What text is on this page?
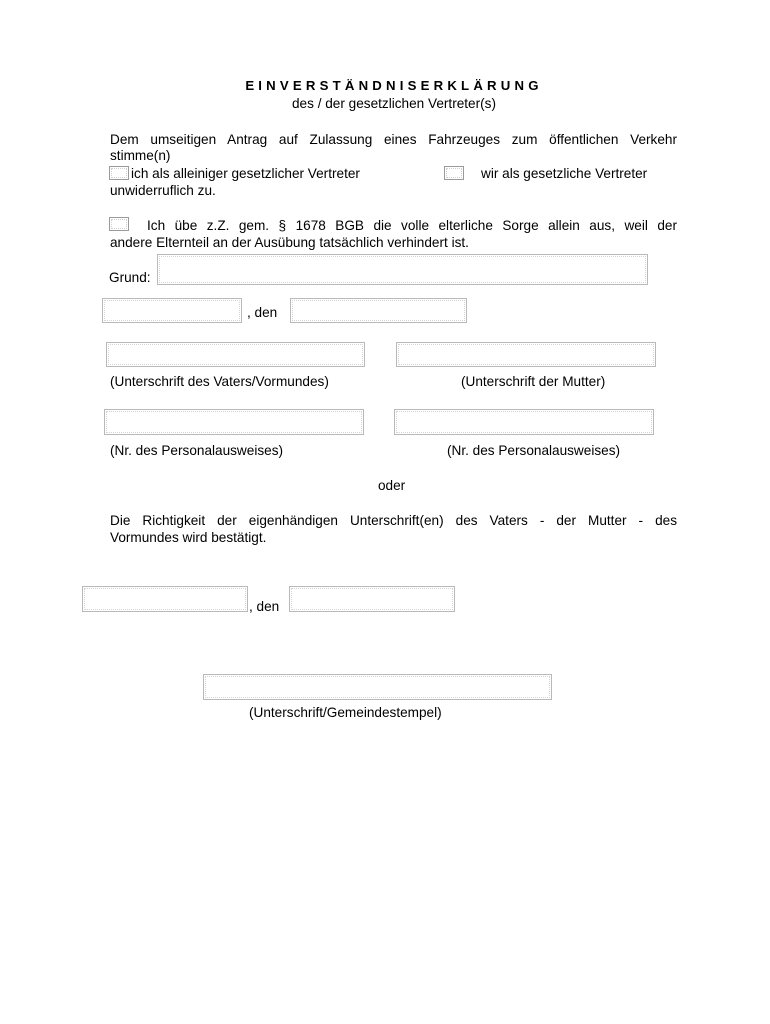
EINVERSTÄNDNISERKLÄRUNG
des / der gesetzlichen Vertreter(s)
Dem umseitigen Antrag auf Zulassung eines Fahrzeuges zum öffentlichen Verkehr
stimme(n)
ich als alleiniger gesetzlicher Vertreter	wir als gesetzliche Vertreter
unwiderruflich zu.
Ich übe z.Z. gem. § 1678 BGB die volle elterliche Sorge allein aus, weil der
andere Elternteil an der Ausübung tatsächlich verhindert ist.
Grund:
, den
(Unterschrift des Vaters/Vormundes)	(Unterschrift der Mutter)
(Nr. des Personalausweises)	(Nr. des Personalausweises)
oder
Die Richtigkeit der eigenhändigen Unterschrift(en) des Vaters - der Mutter - des
Vormundes wird bestätigt.
, den
(Unterschrift/Gemeindestempel)
